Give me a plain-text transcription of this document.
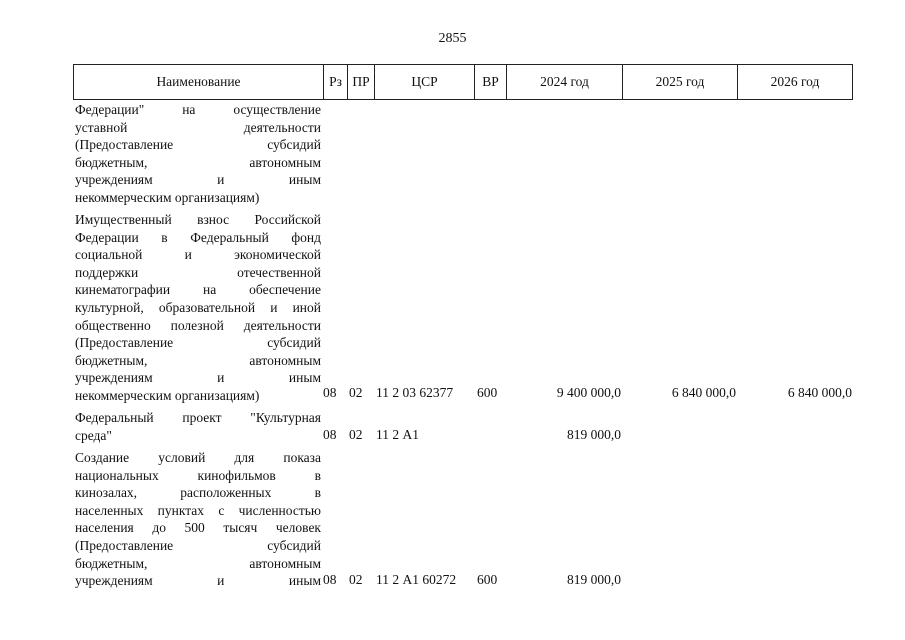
2855
Наименование	Рз ПР	ЦСР	ВР	2024 год	2025 год	2026 год
Федерации" на осуществление
уставной деятельности
(Предоставление субсидий
бюджетным, автономным
учреждениям и иным
некоммерческим организациям)
Имущественный взнос Российской
Федерации в Федеральный фонд
социальной и экономической
поддержки отечественной
кинематографии на обеспечение
культурной, образовательной и иной
общественно полезной деятельности
(Предоставление субсидий
бюджетным, автономным
учреждениям и иным
некоммерческим организациям)	08 02 11 2 03 62377 600	9 400 000,0	6 840 000,0	6 840 000,0
Федеральный проект "Культурная
среда"	08 02 11 2 А1	819 000,0
Создание условий для показа
национальных кинофильмов в
кинозалах, расположенных в
населенных пунктах с численностью
населения до 500 тысяч человек
(Предоставление субсидий
бюджетным, автономным
учреждениям и иным 08 02 11 2 А1 60272 600	819 000,0
